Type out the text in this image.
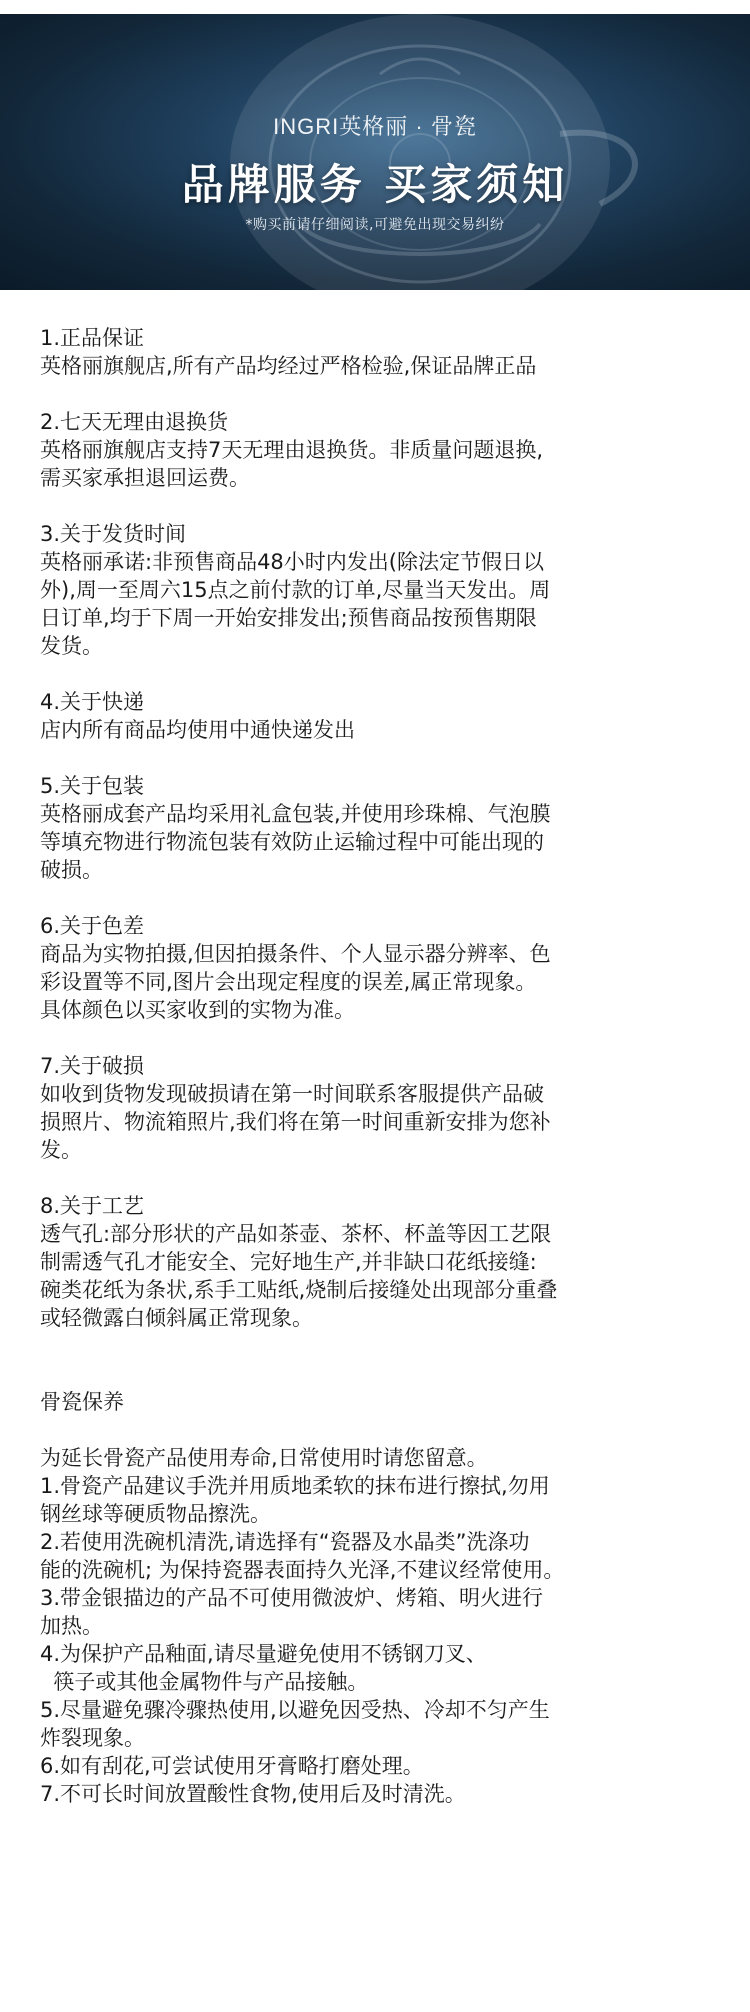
INGRI英格丽 · 骨瓷
品牌服务 买家须知
*购买前请仔细阅读,可避免出现交易纠纷
1.正品保证
英格丽旗舰店,所有产品均经过严格检验,保证品牌正品
2.七天无理由退换货
英格丽旗舰店支持7天无理由退换货。非质量问题退换,
需买家承担退回运费。
3.关于发货时间
英格丽承诺:非预售商品48小时内发出(除法定节假日以
外),周一至周六15点之前付款的订单,尽量当天发出。周
日订单,均于下周一开始安排发出;预售商品按预售期限
发货。
4.关于快递
店内所有商品均使用中通快递发出
5.关于包装
英格丽成套产品均采用礼盒包装,并使用珍珠棉、气泡膜
等填充物进行物流包装有效防止运输过程中可能出现的
破损。
6.关于色差
商品为实物拍摄,但因拍摄条件、个人显示器分辨率、色
彩设置等不同,图片会出现定程度的误差,属正常现象。
具体颜色以买家收到的实物为准。
7.关于破损
如收到货物发现破损请在第一时间联系客服提供产品破
损照片、物流箱照片,我们将在第一时间重新安排为您补
发。
8.关于工艺
透气孔:部分形状的产品如茶壶、茶杯、杯盖等因工艺限
制需透气孔才能安全、完好地生产,并非缺口花纸接缝:
碗类花纸为条状,系手工贴纸,烧制后接缝处出现部分重叠
或轻微露白倾斜属正常现象。
骨瓷保养
为延长骨瓷产品使用寿命,日常使用时请您留意。
1.骨瓷产品建议手洗并用质地柔软的抹布进行擦拭,勿用
钢丝球等硬质物品擦洗。
2.若使用洗碗机清洗,请选择有“瓷器及水晶类”洗涤功
能的洗碗机; 为保持瓷器表面持久光泽,不建议经常使用。
3.带金银描边的产品不可使用微波炉、烤箱、明火进行
加热。
4.为保护产品釉面,请尽量避免使用不锈钢刀叉、
筷子或其他金属物件与产品接触。
5.尽量避免骤冷骤热使用,以避免因受热、冷却不匀产生
炸裂现象。
6.如有刮花,可尝试使用牙膏略打磨处理。
7.不可长时间放置酸性食物,使用后及时清洗。
